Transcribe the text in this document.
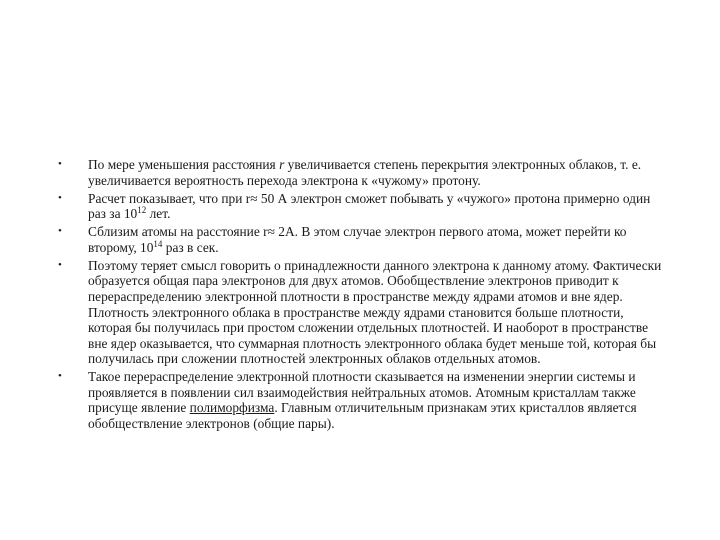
• По мере уменьшения расстояния r увеличивается степень перекрытия электронных облаков, т. е. увеличивается вероятность перехода электрона к «чужому» протону.
• Расчет показывает, что при r≈ 50 А электрон сможет побывать у «чужого» протона примерно один раз за $10^{12}$ лет.
• Сблизим атомы на расстояние r≈ 2А. В этом случае электрон первого атома, может перейти ко второму, $10^{14}$ раз в сек.
• Поэтому теряет смысл говорить о принадлежности данного электрона к данному атому. Фактически образуется общая пара электронов для двух атомов. Обобществление электронов приводит к перераспределению электронной плотности в пространстве между ядрами атомов и вне ядер. Плотность электронного облака в пространстве между ядрами становится больше плотности, которая бы получилась при простом сложении отдельных плотностей. И наоборот в пространстве вне ядер оказывается, что суммарная плотность электронного облака будет меньше той, которая бы получилась при сложении плотностей электронных облаков отдельных атомов.
• Такое перераспределение электронной плотности сказывается на изменении энергии системы и проявляется в появлении сил взаимодействия нейтральных атомов. Атомным кристаллам также присуще явление полиморфизма. Главным отличительным признакам этих кристаллов является обобществление электронов (общие пары).
